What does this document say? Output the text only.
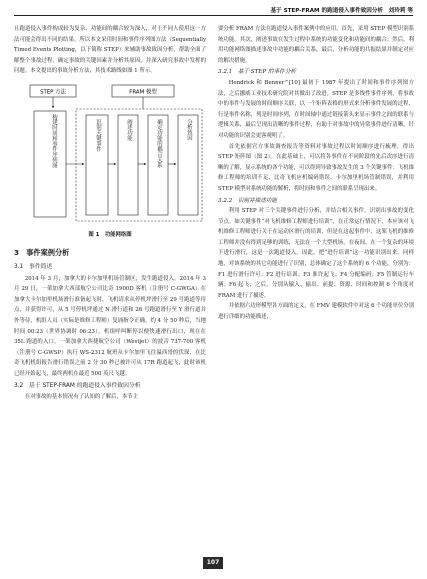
基于 STEP-FRAM 的跑道侵入事件致因分析　刘玲莉 等

且跑道侵入事件构成较为复杂，功能间的耦合较为深入，对于不同人使用这一方法可能会得出不同的结果。所以本文采用时间和事件序列图方法（Sequentially Timed Events Plotting，以下简称 STEP）来辅助事故致因分析，帮助全面了解整个事故过程，确定事故的关键因素并分析其原因，并深入研究事故中发挥的问题。本文提出的事故分析方法，其技术路线如图 1 所示。

STEP 方法	FRAM 模型
构建时间和事件序列图	识别关键事件	阐述功能	确定功能的耦合关系	分析致因
图 1　功能网络图
3　事件案例分析
3.1　事件简述

2014 年 3 月，加拿大的卡尔加里机场管制区，发生跑道侵入。2014 年 3 月 29 日，一架加拿大西部航空公司比奇 1900D 客机（注册号 C-GWGA）在加拿大卡尔加里机场滑行准备起飞时，飞机请求从停机坪滑行至 29 号跑道等待点，并获得许可，从 5 号停机坪通过 N 滑行道和 26 号跑道滑行至 Y 滑行道并外等待，机组人员（实际是维修工程师）复诵指令正确。约 4 分 50 秒后，当地时间 00:23（世界协调时 06:23），机组呼叫断停以便快速滑行出口，现在在 35L 跑道的入口。一架加拿大西捷航空公司（Westjet）的波音 737-700 客机（注册号 C-GWSP）执行 WS-2312 航班从卡尔加里飞往温西哥的伏琛，在比奇飞机机组报告滑行错误之前 2 分 30 秒已被许可从 17R 跑道起飞，此时该机已经开始起飞，最终两机在最近 500 英尺飞越。

3.2　基于 STEP-FRAM 的跑道侵入事件致因分析

在对事故的基本情况有了认知的了解后，本节主

要分析 FRAM 方法在跑道侵入事件案例中的应用。首先，采用 STEP 模型识别系统功能。其次，阐述事故在发生过程中系统的功能变化和功能间的耦合；然后，利用功能网络图描述事故中功能的耦合关系，最后，分析功能的共振结果并制定对应的解决措施。

3.2.1　基于 STEP 的事件分析

Hendrick 和 Benner^[10] 最初于 1987 年提出了时间和事件序列图方法，之后挪威工业技术研究院对其做出了改进。STEP 是多线性事件序列，将事故中的事件与发展的时间顺序关联，以一个矩阵表格的形式来分析事件发展的过程，行是事件名称，列是时间序列，在时间轴中通过链接箭头来显示事件之间的联系与逻辑关系，最后呈现出清晰的事件过程，有助于对事故中的异常事件进行清晰，针对功能的识别会更客观明了。

首先依据官方事故调查报告等资料对事故过程以时间顺序进行梳理，得出 STEP 矩阵图（图 2）。在此基础上，可以将各事件在不同阶段的先后次序进行清晰的了解，显示系统的各个功能，可以得到导致事故发生的 3 个关键事件：飞机维修工程师的培训不足、比奇飞机应机编码错误、卡尔加里机场管制错误，并利用 STEP 模型对系统功能的解析，将时间和事件之间的联系呈现出来。

3.2.2　识别并描述功能

利用 STEP 对三个关键事件进行分析，并结合相关事件，识别出事故的变化节点。如关键事件“对飞机维修工程师进行培训”，在正常运行情况下，本应该对飞机维修工程师进行关于在运动区滑行的培训，但是在这起事件中，这架飞机的维修工程师并没有得到足够的训练，无法在一个大型机场，在夜间、在一个复杂的环境下进行滑行，这是一次跑道侵入。因此，把“进行培训”这一功能识别出来。同样地，对该系统的其它功能进行了识别，总体确定了这个系统的 6 个功能，分别为：F1 进行滑行许可；F2 进行培训；F3 准许起飞；F4 分配编码；F5 管制运行车辆；F6 起飞；之后，分别从输入、输出、前提、资源、时间和控制 6 个角度对 FRAM 进行了描述。

并依据六边形模型各方面的定义，在 FMV 建模软件中对这 6 个功能单位分别进行详细的功能描述，

107
